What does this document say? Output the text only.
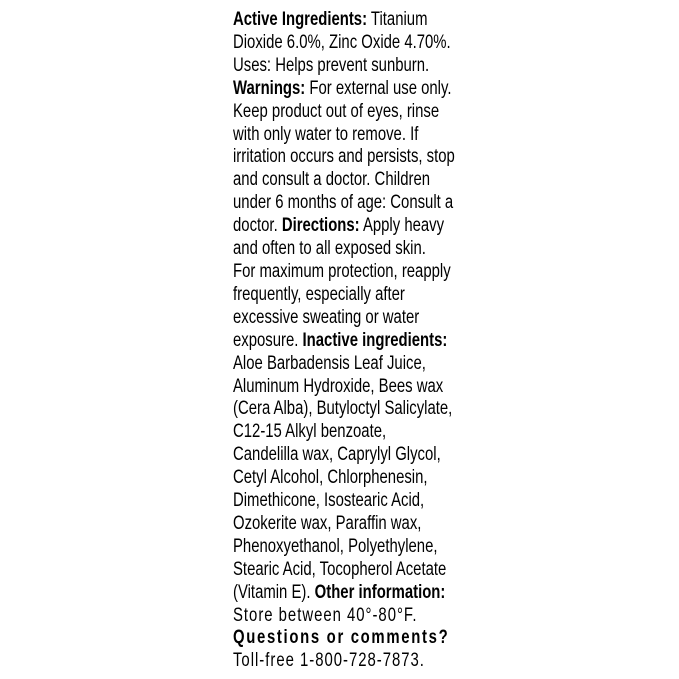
Active Ingredients: Titanium
Dioxide 6.0%, Zinc Oxide 4.70%.
Uses: Helps prevent sunburn.
Warnings: For external use only.
Keep product out of eyes, rinse
with only water to remove. If
irritation occurs and persists, stop
and consult a doctor. Children
under 6 months of age: Consult a
doctor. Directions: Apply heavy
and often to all exposed skin.
For maximum protection, reapply
frequently, especially after
excessive sweating or water
exposure. Inactive ingredients:
Aloe Barbadensis Leaf Juice,
Aluminum Hydroxide, Bees wax
(Cera Alba), Butyloctyl Salicylate,
C12-15 Alkyl benzoate,
Candelilla wax, Caprylyl Glycol,
Cetyl Alcohol, Chlorphenesin,
Dimethicone, Isostearic Acid,
Ozokerite wax, Paraffin wax,
Phenoxyethanol, Polyethylene,
Stearic Acid, Tocopherol Acetate
(Vitamin E). Other information:
Store between 40°-80°F.
Questions or comments?
Toll-free 1-800-728-7873.
